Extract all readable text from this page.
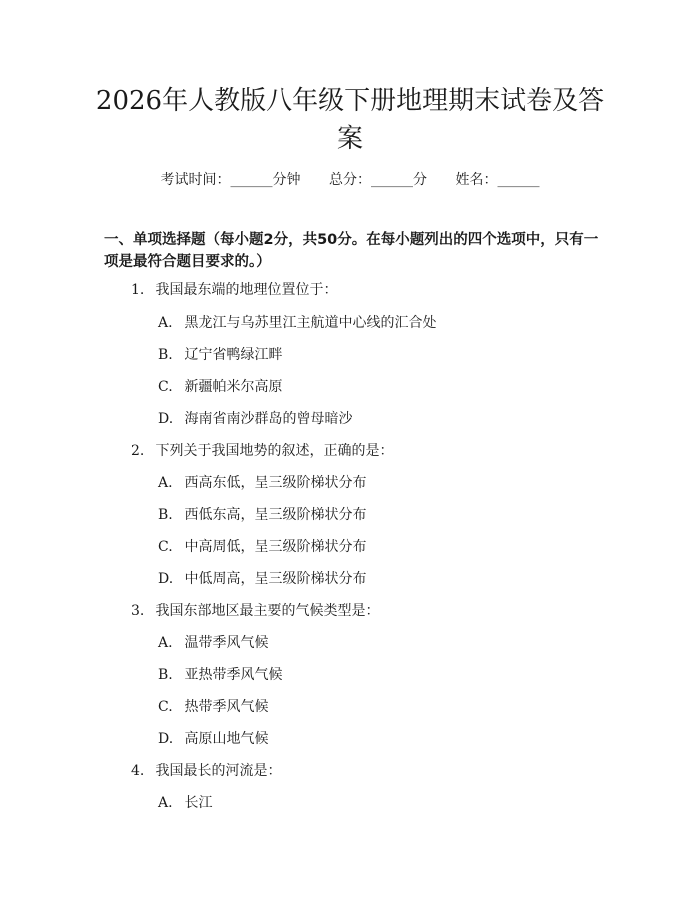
2026年人教版八年级下册地理期末试卷及答案
考试时间：______分钟 总分：______分 姓名：______
一、单项选择题（每小题2分，共50分。在每小题列出的四个选项中，只有一项是最符合题目要求的。）
1. 我国最东端的地理位置位于：
A. 黑龙江与乌苏里江主航道中心线的汇合处
B. 辽宁省鸭绿江畔
C. 新疆帕米尔高原
D. 海南省南沙群岛的曾母暗沙
2. 下列关于我国地势的叙述，正确的是：
A. 西高东低，呈三级阶梯状分布
B. 西低东高，呈三级阶梯状分布
C. 中高周低，呈三级阶梯状分布
D. 中低周高，呈三级阶梯状分布
3. 我国东部地区最主要的气候类型是：
A. 温带季风气候
B. 亚热带季风气候
C. 热带季风气候
D. 高原山地气候
4. 我国最长的河流是：
A. 长江
